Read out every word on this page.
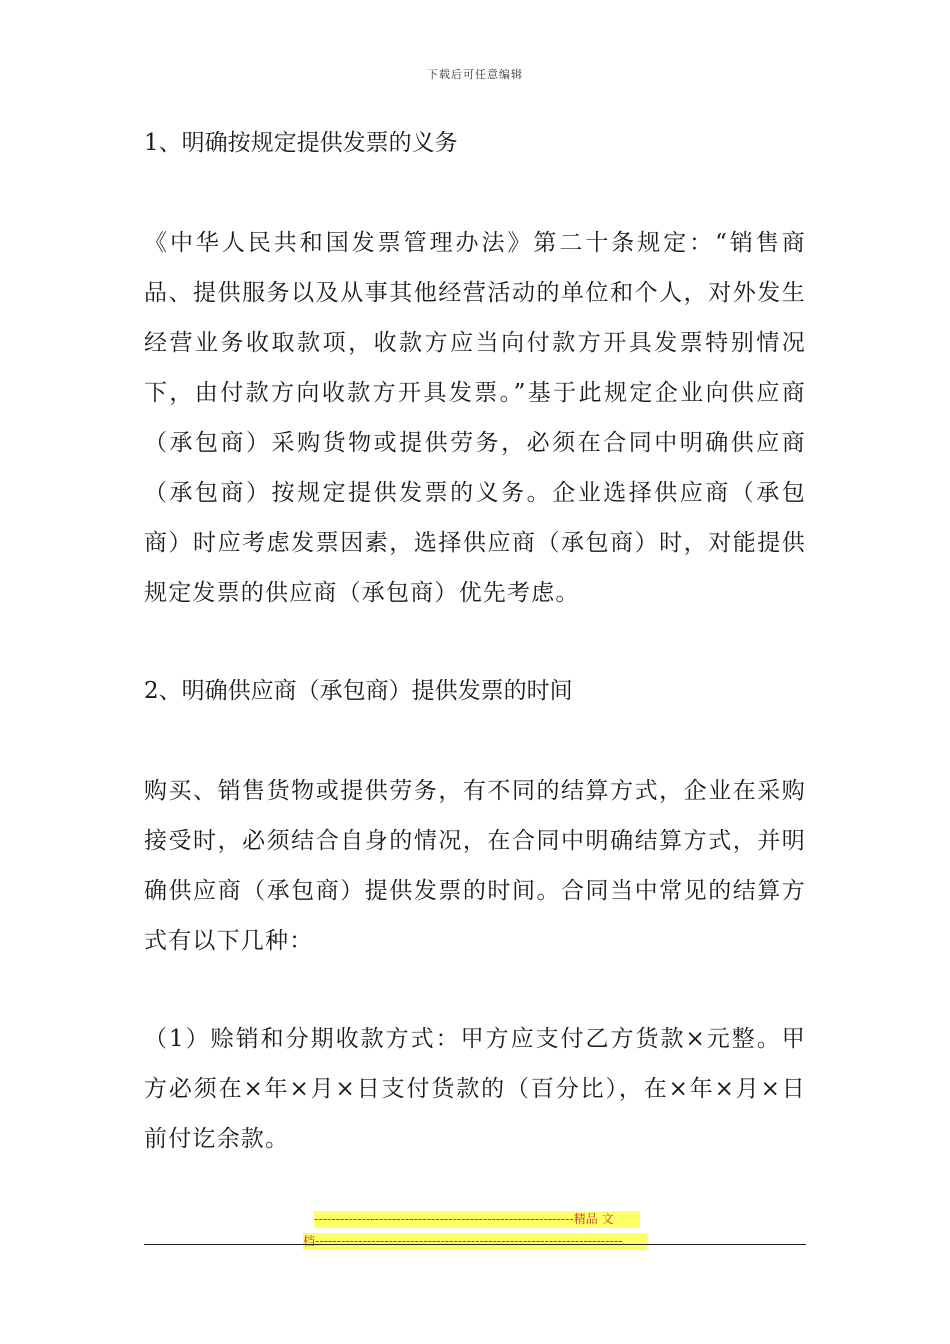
下载后可任意编辑
1、明确按规定提供发票的义务

《中华人民共和国发票管理办法》第二十条规定：“销售商品、提供服务以及从事其他经营活动的单位和个人，对外发生经营业务收取款项，收款方应当向付款方开具发票特别情况下，由付款方向收款方开具发票。”基于此规定企业向供应商（承包商）采购货物或提供劳务，必须在合同中明确供应商（承包商）按规定提供发票的义务。企业选择供应商（承包商）时应考虑发票因素，选择供应商（承包商）时，对能提供规定发票的供应商（承包商）优先考虑。

2、明确供应商（承包商）提供发票的时间

购买、销售货物或提供劳务，有不同的结算方式，企业在采购接受时，必须结合自身的情况，在合同中明确结算方式，并明确供应商（承包商）提供发票的时间。合同当中常见的结算方式有以下几种：

（1）赊销和分期收款方式：甲方应支付乙方货款×元整。甲方必须在×年×月×日支付货款的（百分比），在×年×月×日前付讫余款。

------------------------------------------------------------精品 文
档-----------------------------------------------------------------------
